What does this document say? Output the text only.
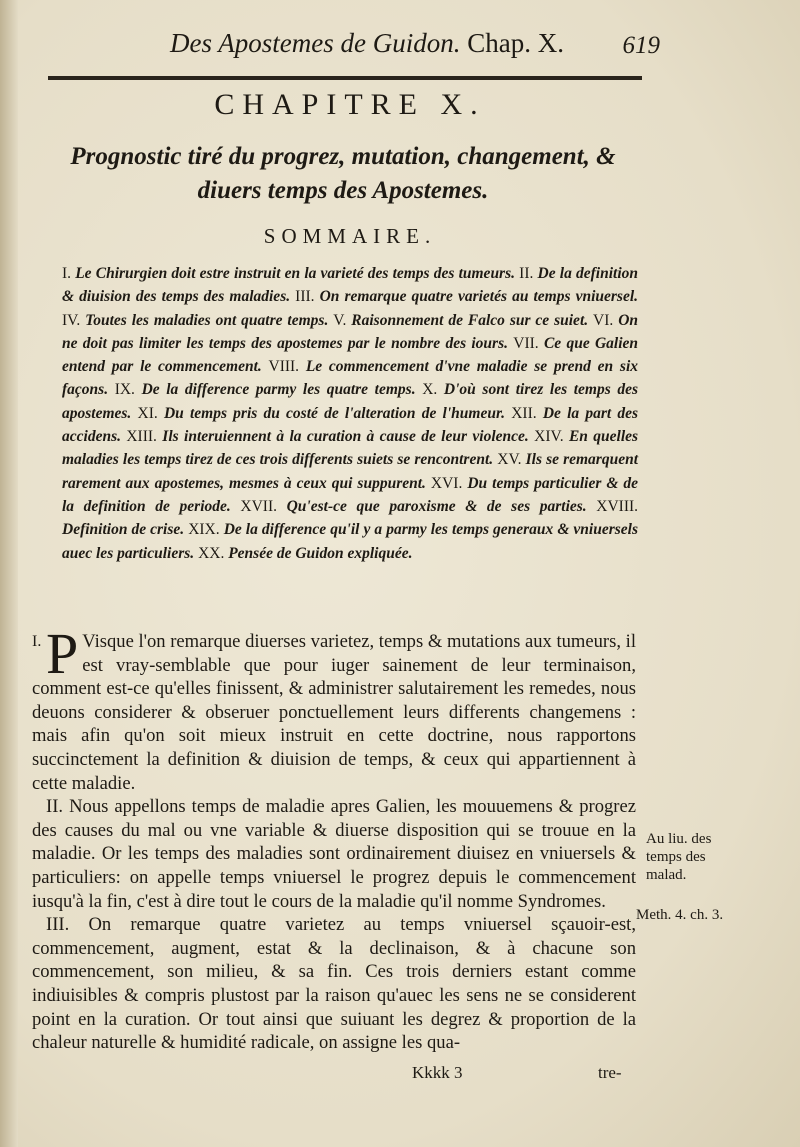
Des Apostemes de Guidon. Chap. X. 619
CHAPITRE X.
Prognostic tiré du progrez, mutation, changement, & diuers temps des Apostemes.
SOMMAIRE.
I. Le Chirurgien doit estre instruit en la varieté des temps des tumeurs. II. De la definition & diuision des temps des maladies. III. On remarque quatre varietés au temps vniuersel. IV. Toutes les maladies ont quatre temps. V. Raisonnement de Falco sur ce suiet. VI. On ne doit pas limiter les temps des apostemes par le nombre des iours. VII. Ce que Galien entend par le commencement. VIII. Le commencement d'vne maladie se prend en six façons. IX. De la difference parmy les quatre temps. X. D'où sont tirez les temps des apostemes. XI. Du temps pris du costé de l'alteration de l'humeur. XII. De la part des accidens. XIII. Ils interuiennent à la curation à cause de leur violence. XIV. En quelles maladies les temps tirez de ces trois differents suiets se rencontrent. XV. Ils se remarquent rarement aux apostemes, mesmes à ceux qui suppurent. XVI. Du temps particulier & de la definition de periode. XVII. Qu'est-ce que paroxisme & de ses parties. XVIII. Definition de crise. XIX. De la difference qu'il y a parmy les temps generaux & vniuersels auec les particuliers. XX. Pensée de Guidon expliquée.

I. P Visque l'on remarque diuerses varietez, temps & mutations aux tumeurs, il est vray-semblable que pour iuger sainement de leur terminaison, comment est-ce qu'elles finissent, & administrer salutairement les remedes, nous deuons considerer & obseruer ponctuellement leurs differents changemens : mais afin qu'on soit mieux instruit en cette doctrine, nous rapportons succinctement la definition & diuision de temps, & ceux qui appartiennent à cette maladie.

II. Nous appellons temps de maladie apres Galien, les mouuemens & progrez des causes du mal ou vne variable & diuerse disposition qui se trouue en la maladie. Or les temps des maladies sont ordinairement diuisez en vniuersels & particuliers: on appelle temps vniuersel le progrez depuis le commencement iusqu'à la fin, c'est à dire tout le cours de la maladie qu'il nomme Syndromes.

III. On remarque quatre varietez au temps vniuersel sçauoir-est, commencement, augment, estat & la declinaison, & à chacune son commencement, son milieu, & sa fin. Ces trois derniers estant comme indiuisibles & compris plustost par la raison qu'auec les sens ne se considerent point en la curation. Or tout ainsi que suiuant les degrez & proportion de la chaleur naturelle & humidité radicale, on assigne les qua-

Au liu. des temps des malad.
Meth. 4. ch. 3.
Kkkk 3	tre-
